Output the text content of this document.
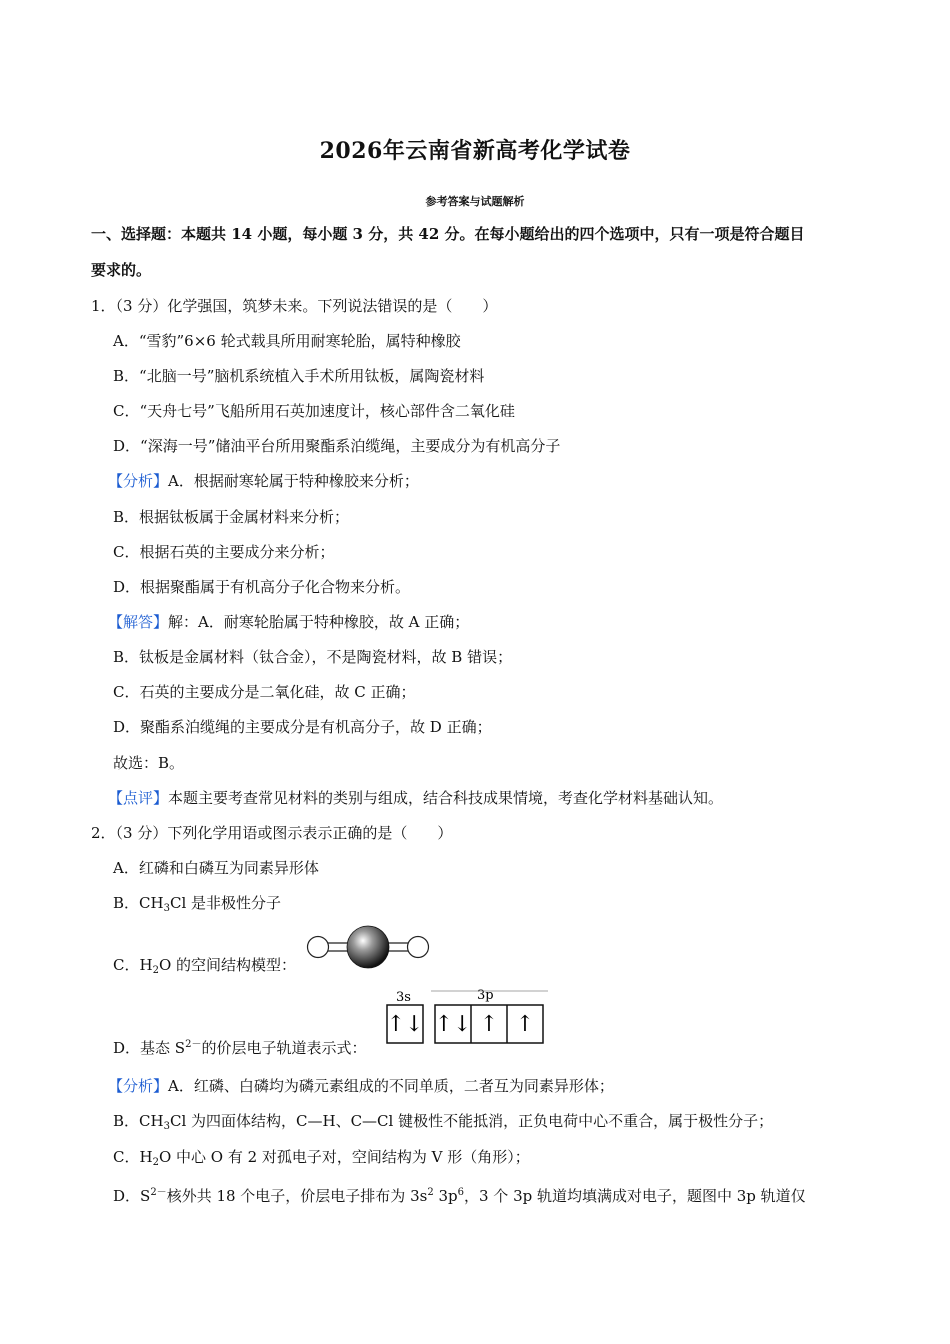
2026年云南省新高考化学试卷
参考答案与试题解析
一、选择题：本题共 14 小题，每小题 3 分，共 42 分。在每小题给出的四个选项中，只有一项是符合题目
要求的。
1．（3 分）化学强国，筑梦未来。下列说法错误的是（　　）
A．“雪豹”6×6 轮式载具所用耐寒轮胎，属特种橡胶
B．“北脑一号”脑机系统植入手术所用钛板，属陶瓷材料
C．“天舟七号”飞船所用石英加速度计，核心部件含二氧化硅
D．“深海一号”储油平台所用聚酯系泊缆绳，主要成分为有机高分子
【分析】A．根据耐寒轮属于特种橡胶来分析；
B．根据钛板属于金属材料来分析；
C．根据石英的主要成分来分析；
D．根据聚酯属于有机高分子化合物来分析。
【解答】解：A．耐寒轮胎属于特种橡胶，故 A 正确；
B．钛板是金属材料（钛合金），不是陶瓷材料，故 B 错误；
C．石英的主要成分是二氧化硅，故 C 正确；
D．聚酯系泊缆绳的主要成分是有机高分子，故 D 正确；
故选：B。
【点评】本题主要考查常见材料的类别与组成，结合科技成果情境，考查化学材料基础认知。
2．（3 分）下列化学用语或图示表示正确的是（　　）
A．红磷和白磷互为同素异形体
B．$CH_3Cl$ 是非极性分子
C．$H_2O$ 的空间结构模型：
D．基态 $S^{2-}$的价层电子轨道表示式：
3s	3p
↑↓ ↑↓ ↑ ↑
【分析】A．红磷、白磷均为磷元素组成的不同单质，二者互为同素异形体；
B．$CH_3Cl$ 为四面体结构，C—H、C—Cl 键极性不能抵消，正负电荷中心不重合，属于极性分子；
C．$H_2O$ 中心 O 有 2 对孤电子对，空间结构为 V 形（角形）；
D．$S^{2-}$核外共 18 个电子，价层电子排布为 $3s^2$ $3p^6$，3 个 3p 轨道均填满成对电子，题图中 3p 轨道仅
